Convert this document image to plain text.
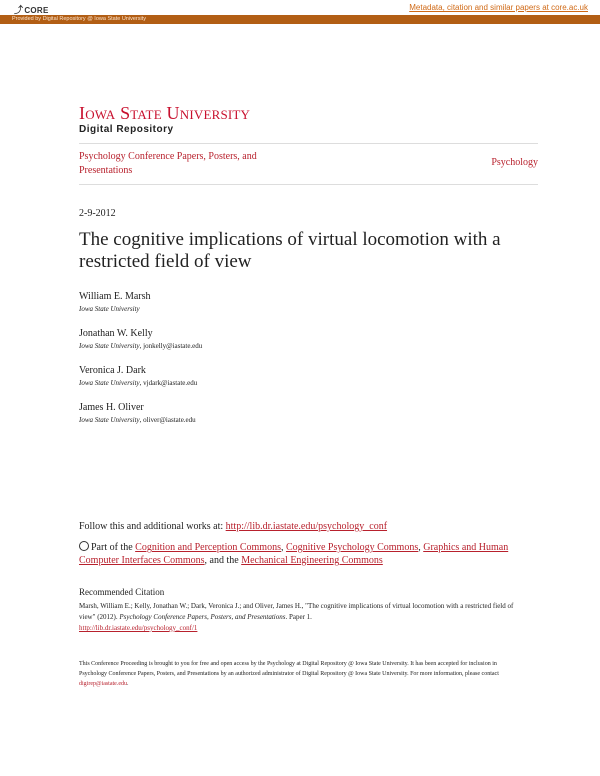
⤴CORE	Metadata, citation and similar papers at core.ac.uk
Provided by Digital Repository @ Iowa State University
Iowa State University
Digital Repository
Psychology Conference Papers, Posters, and Presentations
Psychology
2-9-2012
The cognitive implications of virtual locomotion with a restricted field of view
William E. Marsh
Iowa State University
Jonathan W. Kelly
Iowa State University, jonkelly@iastate.edu
Veronica J. Dark
Iowa State University, vjdark@iastate.edu
James H. Oliver
Iowa State University, oliver@iastate.edu
Follow this and additional works at: http://lib.dr.iastate.edu/psychology_conf
Part of the Cognition and Perception Commons, Cognitive Psychology Commons, Graphics and Human Computer Interfaces Commons, and the Mechanical Engineering Commons
Recommended Citation
Marsh, William E.; Kelly, Jonathan W.; Dark, Veronica J.; and Oliver, James H., "The cognitive implications of virtual locomotion with a restricted field of view" (2012). Psychology Conference Papers, Posters, and Presentations. Paper 1.
http://lib.dr.iastate.edu/psychology_conf/1
This Conference Proceeding is brought to you for free and open access by the Psychology at Digital Repository @ Iowa State University. It has been accepted for inclusion in Psychology Conference Papers, Posters, and Presentations by an authorized administrator of Digital Repository @ Iowa State University. For more information, please contact digirep@iastate.edu.
